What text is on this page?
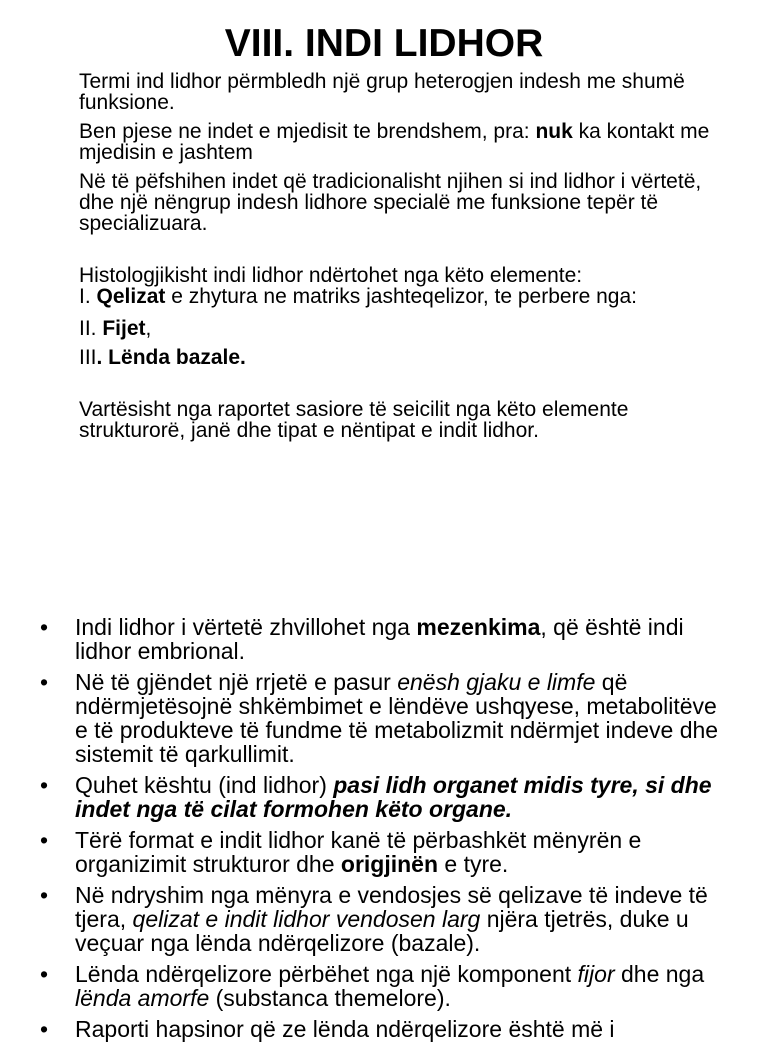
VIII. INDI LIDHOR

Termi ind lidhor përmbledh një grup heterogjen indesh me shumë funksione.

Ben pjese ne indet e mjedisit te brendshem, pra: nuk ka kontakt me mjedisin e jashtem

Në të pëfshihen indet që tradicionalisht njihen si ind lidhor i vërtetë, dhe një nëngrup indesh lidhore specialë me funksione tepër të specializuara.

Histologjikisht indi lidhor ndërtohet nga këto elemente:

I. Qelizat e zhytura ne matriks jashteqelizor, te perbere nga:

II. Fijet,

III. Lënda bazale.

Vartësisht nga raportet sasiore të seicilit nga këto elemente strukturorë, janë dhe tipat e nëntipat e indit lidhor.

• Indi lidhor i vërtetë zhvillohet nga mezenkima, që është indi lidhor embrional.
• Në të gjëndet një rrjetë e pasur enësh gjaku e limfe që ndërmjetësojnë shkëmbimet e lëndëve ushqyese, metabolitëve e të produkteve të fundme të metabolizmit ndërmjet indeve dhe sistemit të qarkullimit.
• Quhet kështu (ind lidhor) pasi lidh organet midis tyre, si dhe indet nga të cilat formohen këto organe.
• Tërë format e indit lidhor kanë të përbashkët mënyrën e organizimit strukturor dhe origjinën e tyre.
• Në ndryshim nga mënyra e vendosjes së qelizave të indeve të tjera, qelizat e indit lidhor vendosen larg njëra tjetrës, duke u veçuar nga lënda ndërqelizore (bazale).
• Lënda ndërqelizore përbëhet nga një komponent fijor dhe nga lënda amorfe (substanca themelore).
• Raporti hapsinor që ze lënda ndërqelizore është më i
